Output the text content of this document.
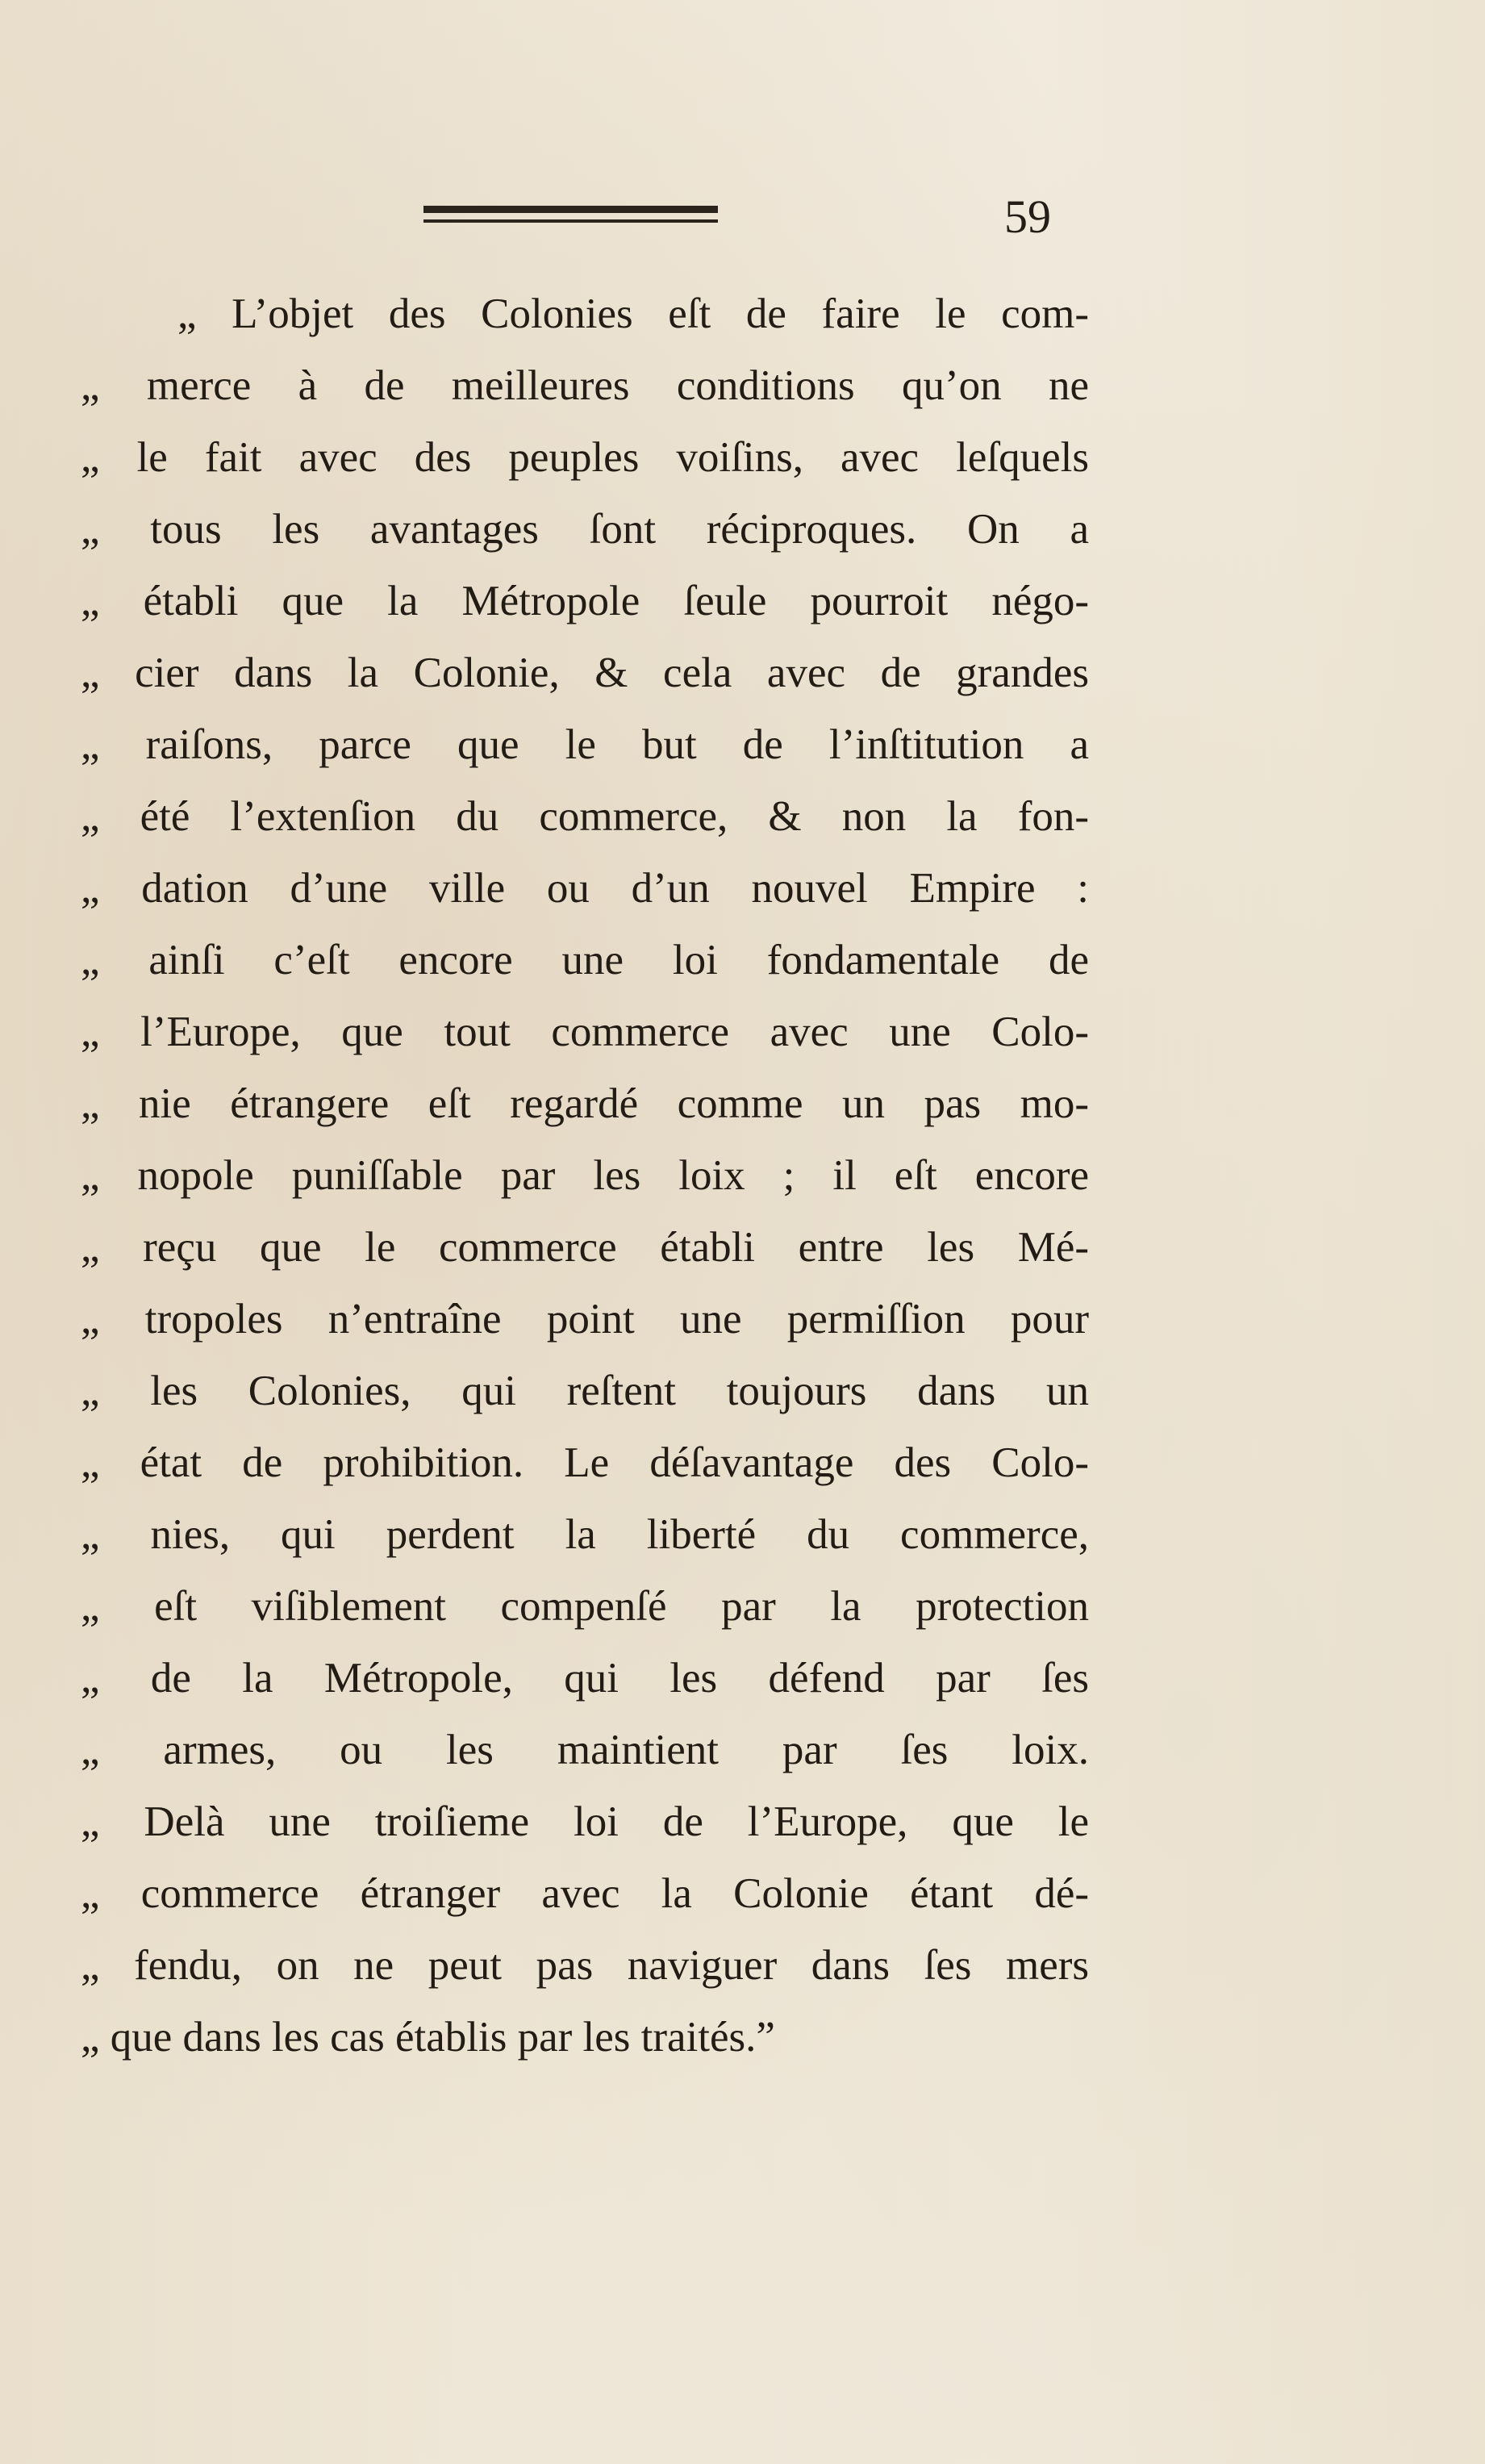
59
„ L’objet des Colonies eſt de faire le com-
„ merce à de meilleures conditions qu’on ne
„ le fait avec des peuples voiſins, avec leſquels
„ tous les avantages ſont réciproques. On a
„ établi que la Métropole ſeule pourroit négo-
„ cier dans la Colonie, & cela avec de grandes
„ raiſons, parce que le but de l’inſtitution a
„ été l’extenſion du commerce, & non la fon-
„ dation d’une ville ou d’un nouvel Empire :
„ ainſi c’eſt encore une loi fondamentale de
„ l’Europe, que tout commerce avec une Colo-
„ nie étrangere eſt regardé comme un pas mo-
„ nopole puniſſable par les loix ; il eſt encore
„ reçu que le commerce établi entre les Mé-
„ tropoles n’entraîne point une permiſſion pour
„ les Colonies, qui reſtent toujours dans un
„ état de prohibition. Le déſavantage des Colo-
„ nies, qui perdent la liberté du commerce,
„ eſt viſiblement compenſé par la protection
„ de la Métropole, qui les défend par ſes
„ armes, ou les maintient par ſes loix.
„ Delà une troiſieme loi de l’Europe, que le
„ commerce étranger avec la Colonie étant dé-
„ fendu, on ne peut pas naviguer dans ſes mers
„ que dans les cas établis par les traités.”
